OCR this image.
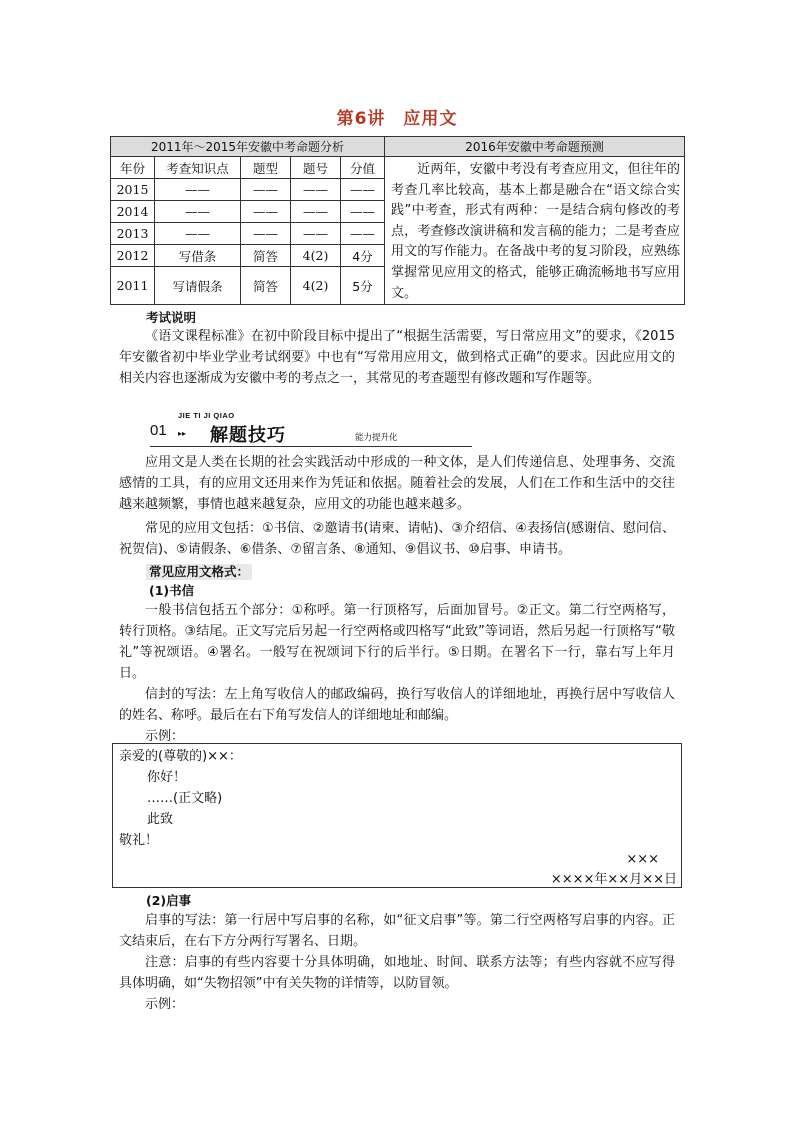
第6讲　应用文
2011年～2015年安徽中考命题分析					2016年安徽中考命题预测
年份	考查知识点	题型	题号	分值	近两年，安徽中考没有考查应用文，但往年的考查几率比较高，基本上都是融合在“语文综合实践”中考查，形式有两种：一是结合病句修改的考点，考查修改演讲稿和发言稿的能力；二是考查应用文的写作能力。在备战中考的复习阶段，应熟练掌握常见应用文的格式，能够正确流畅地书写应用文。
2015	——	——	——	——	
2014	——	——	——	——	
2013	——	——	——	——	
2012	写借条	简答	4(2)	4分	
2011	写请假条	简答	4(2)	5分	
考试说明

《语文课程标准》在初中阶段目标中提出了“根据生活需要，写日常应用文”的要求，《2015年安徽省初中毕业学业考试纲要》中也有“写常用应用文，做到格式正确”的要求。因此应用文的相关内容也逐渐成为安徽中考的考点之一，其常见的考查题型有修改题和写作题等。

JIE TI JI QIAO
01 ▸▸ 解题技巧	能力提升化

应用文是人类在长期的社会实践活动中形成的一种文体，是人们传递信息、处理事务、交流感情的工具，有的应用文还用来作为凭证和依据。随着社会的发展，人们在工作和生活中的交往越来越频繁，事情也越来越复杂，应用文的功能也越来越多。

常见的应用文包括：①书信、②邀请书(请柬、请帖)、③介绍信、④表扬信(感谢信、慰问信、祝贺信)、⑤请假条、⑥借条、⑦留言条、⑧通知、⑨倡议书、⑩启事、申请书。

常见应用文格式：
(1)书信

一般书信包括五个部分：①称呼。第一行顶格写，后面加冒号。②正文。第二行空两格写，转行顶格。③结尾。正文写完后另起一行空两格或四格写“此致”等词语，然后另起一行顶格写“敬礼”等祝颂语。④署名。一般写在祝颂词下行的后半行。⑤日期。在署名下一行，靠右写上年月日。

信封的写法：左上角写收信人的邮政编码，换行写收信人的详细地址，再换行居中写收信人的姓名、称呼。最后在右下角写发信人的详细地址和邮编。

示例：

亲爱的(尊敬的)××：
你好！
……(正文略)
此致
敬礼！
×××
××××年××月××日
(2)启事

启事的写法：第一行居中写启事的名称，如“征文启事”等。第二行空两格写启事的内容。正文结束后，在右下方分两行写署名、日期。

注意：启事的有些内容要十分具体明确，如地址、时间、联系方法等；有些内容就不应写得具体明确，如“失物招领”中有关失物的详情等，以防冒领。

示例：
